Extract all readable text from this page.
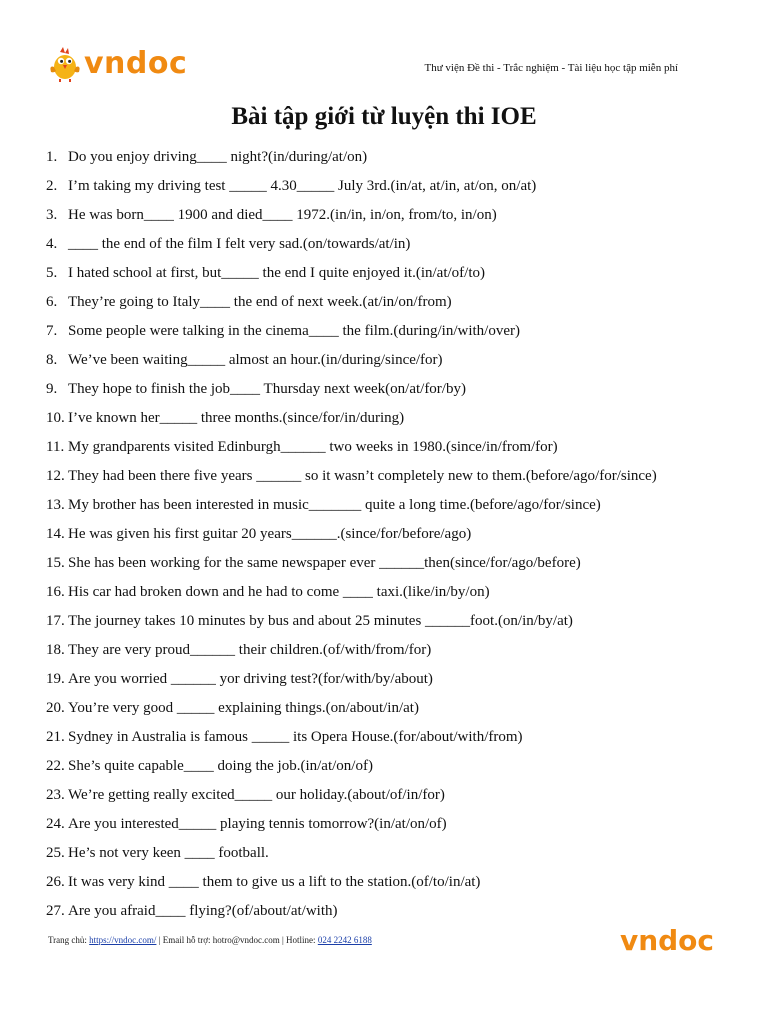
vndoc	Thư viện Đề thi - Trắc nghiệm - Tài liệu học tập miễn phí
Bài tập giới từ luyện thi IOE
1. Do you enjoy driving____ night?(in/during/at/on)
2. I’m taking my driving test _____ 4.30_____ July 3rd.(in/at, at/in, at/on, on/at)
3. He was born____ 1900 and died____ 1972.(in/in, in/on, from/to, in/on)
4. ____ the end of the film I felt very sad.(on/towards/at/in)
5. I hated school at first, but_____ the end I quite enjoyed it.(in/at/of/to)
6. They’re going to Italy____ the end of next week.(at/in/on/from)
7. Some people were talking in the cinema____ the film.(during/in/with/over)
8. We’ve been waiting_____ almost an hour.(in/during/since/for)
9. They hope to finish the job____ Thursday next week(on/at/for/by)
10. I’ve known her_____ three months.(since/for/in/during)
11. My grandparents visited Edinburgh______ two weeks in 1980.(since/in/from/for)
12. They had been there five years ______ so it wasn’t completely new to them.(before/ago/for/since)
13. My brother has been interested in music_______ quite a long time.(before/ago/for/since)
14. He was given his first guitar 20 years______.(since/for/before/ago)
15. She has been working for the same newspaper ever ______then(since/for/ago/before)
16. His car had broken down and he had to come ____ taxi.(like/in/by/on)
17. The journey takes 10 minutes by bus and about 25 minutes ______foot.(on/in/by/at)
18. They are very proud______ their children.(of/with/from/for)
19. Are you worried ______ yor driving test?(for/with/by/about)
20. You’re very good _____ explaining things.(on/about/in/at)
21. Sydney in Australia is famous _____ its Opera House.(for/about/with/from)
22. She’s quite capable____ doing the job.(in/at/on/of)
23. We’re getting really excited_____ our holiday.(about/of/in/for)
24. Are you interested_____ playing tennis tomorrow?(in/at/on/of)
25. He’s not very keen ____ football.
26. It was very kind ____ them to give us a lift to the station.(of/to/in/at)
27. Are you afraid____ flying?(of/about/at/with)
Trang chủ: https://vndoc.com/ | Email hỗ trợ: hotro@vndoc.com | Hotline: 024 2242 6188	vndoc
